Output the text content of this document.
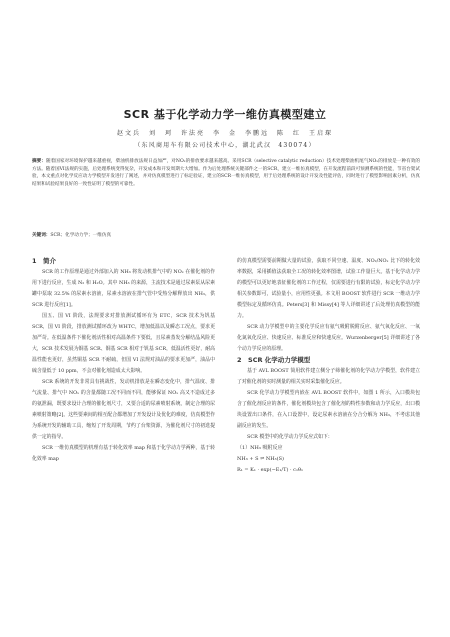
SCR 基于化学动力学一维仿真模型建立
赵文兵　刘　珂　许法亮　李　金　李鹏远　陈　红　王启琛
（东风商用车有限公司技术中心，湖北武汉　430074）
摘要：随着国家对环境保护越来越重视，柴油机排放法规日益加严，对NOₓ的排放要求越来越高。采用SCR（selective catalytic reduction）技术处理柴油机尾气NOₓ的排放是一种有效的方法。随着国VI法规的实施，后处理系统变得复杂，开发成本和开发周期大大增加。作为后处理系统关键部件之一的SCR，建立一维仿真模型，在开发流程前段可预测系统的性能，节省台架试验，本文重点对化学反应动力学模型开发进行了阐述，并对仿真模型进行了标定验证，建立的SCR一维仿真模型，用于后处理系统的设计开发及性能评估，同时进行了模型影响因素分析，仿真结果和试验结果良好的一致性证明了模型的可靠性。
关键词：SCR；化学动力学；一维仿真

1　简介

SCR 的工作原理是通过外部加入的 NH₃ 将发动机排气中的 NOₓ 在催化剂的作用下进行反应，生成 N₂ 和 H₂O。其中 NH₃ 的来源，主流技术是通过尿素泵从尿素罐中泵取 32.5% 的尿素水溶液，尿素水溶液在排气管中受热分解释放出 NH₃，供 SCR 进行反应[1]。

国五、国 VI 阶段，法规要求对排放测试循环有为 ETC，SCR 技术为钒基 SCR，国 VI 阶段，排放测试循环改为 WHTC，增加低温以及瞬态工况点，要求更加严苛。在低温条件下催化剂活性相对高温条件下要低，且尿素蒸发分解结晶风险更大，SCR 技术发展为铜基 SCR、铜基 SCR 相对于钒基 SCR，低温活性更好，耐高温性能也更好，虽然铜基 SCR 不耐硫，但国 VI 法规对油品的要求更加严，油品中硫含量低于 10 ppm，不会对催化剂造成太大影响。

SCR 系统的开发非常具有挑战性，发动机排放是在瞬态变化中，排气温度、排气流量、排气中 NOₓ 的含量都随工况不同而不同，能够保证 NOₓ 高又不造成过多的氨泄漏，既要求设计合理的催化剂尺寸，又要合适的尿素喷射系统，制定合理的尿素喷射策略[2]。这些要素间的相互配合都增加了开发设计及优化的难度，仿真模型作为系统开发的辅助工具，缩短了开发周期，节约了台架资源，为催化剂尺寸的初选提供一定的指导。

SCR 一维仿真模型的机理有基于转化效率 map 和基于化学动力学两种，基于转化效率 map

的仿真模型需要前期做大量的试验，获取不同空速、温度、NO₂/NOₓ 比下的转化效率数据，采用插值法获取全工况的转化效率图谱，试验工作量巨大。基于化学动力学的模型可以更好地表征催化剂的工作过程，仅需要进行有限的试验，标定化学动力学相关参数即可，试验量小，应用性更强。本文用 BOOST 软件进行 SCR 一维动力学模型标定及循环仿真。Peters[3] 和 Missy[4] 等人详细讲述了后处理仿真模型的能力。

SCR 动力学模型中的主要化学反应有氨气吸附脱附反应、氨气氧化反应、一氧化氮氧化反应、快速反应、标准反应和快速反应。Wurzenberger[5] 详细讲述了各个动力学反应的原理。

2　SCR 化学动力学模型

基于 AVL BOOST 简用软件建立侧分子筛催化剂的化学动力学模型，软件建立了对催化剂的实时测量的相关实时采集催化反应。

SCR 化学动力学模型内嵌在 AVL BOOST 软件中，如图 1 所示，入口模块包含了催化剂反应的条件，催化剂模块包含了催化剂的特性参数和动力学反应，出口模块设置出口条件，在入口设置中，设定尿素水溶液在分合分解为 NH₃，不考虑其他副反应的发生。

SCR 模型中的化学动力学反应式如下：

（1）NH₃ 吸附反应

NH₃ + S ⇌ NH₃(S)

R₁ = K₁ · exp(−E₁/T) · c₁θ₁
